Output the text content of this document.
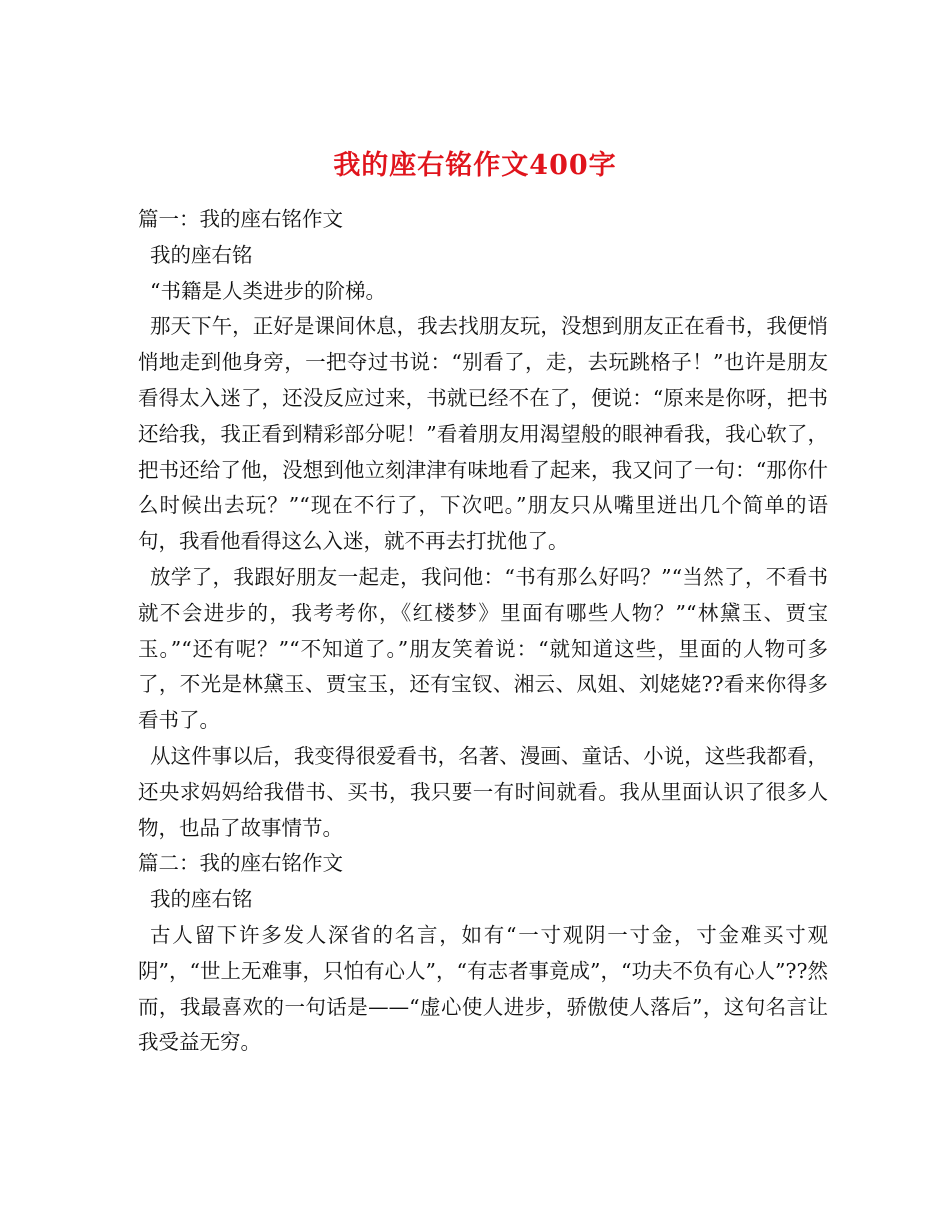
我的座右铭作文400字

篇一：我的座右铭作文

我的座右铭

“书籍是人类进步的阶梯。

那天下午，正好是课间休息，我去找朋友玩，没想到朋友正在看书，我便悄悄地走到他身旁，一把夺过书说：“别看了，走，去玩跳格子！”也许是朋友看得太入迷了，还没反应过来，书就已经不在了，便说：“原来是你呀，把书还给我，我正看到精彩部分呢！”看着朋友用渴望般的眼神看我，我心软了，把书还给了他，没想到他立刻津津有味地看了起来，我又问了一句：“那你什么时候出去玩？”“现在不行了，下次吧。”朋友只从嘴里迸出几个简单的语句，我看他看得这么入迷，就不再去打扰他了。

放学了，我跟好朋友一起走，我问他：“书有那么好吗？”“当然了，不看书就不会进步的，我考考你，《红楼梦》里面有哪些人物？”“林黛玉、贾宝玉。”“还有呢？”“不知道了。”朋友笑着说：“就知道这些，里面的人物可多了，不光是林黛玉、贾宝玉，还有宝钗、湘云、凤姐、刘姥姥??看来你得多看书了。

从这件事以后，我变得很爱看书，名著、漫画、童话、小说，这些我都看，还央求妈妈给我借书、买书，我只要一有时间就看。我从里面认识了很多人物，也品了故事情节。

篇二：我的座右铭作文

我的座右铭

古人留下许多发人深省的名言，如有“一寸观阴一寸金，寸金难买寸观阴”，“世上无难事，只怕有心人”，“有志者事竟成”，“功夫不负有心人”??然而，我最喜欢的一句话是——“虚心使人进步，骄傲使人落后”，这句名言让我受益无穷。
